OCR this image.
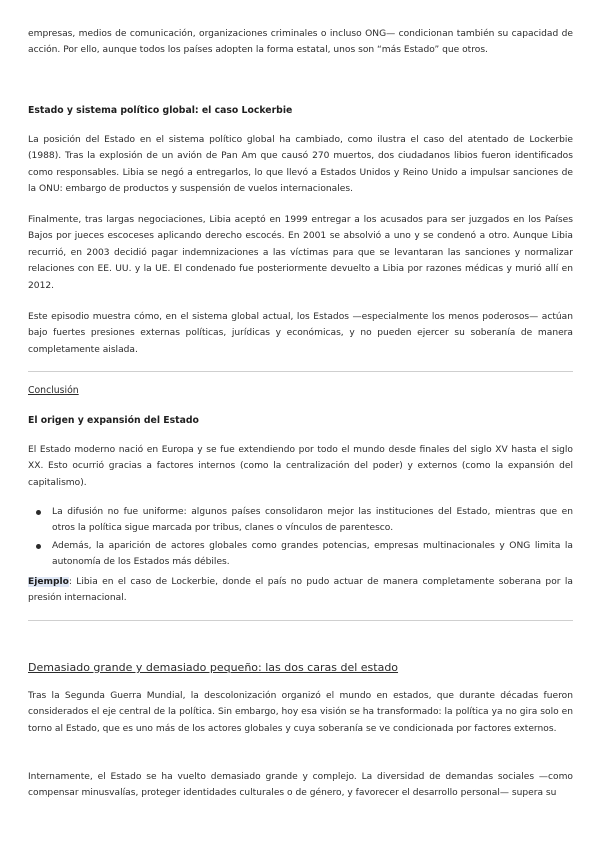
empresas, medios de comunicación, organizaciones criminales o incluso ONG— condicionan también su capacidad de acción. Por ello, aunque todos los países adopten la forma estatal, unos son “más Estado” que otros.

Estado y sistema político global: el caso Lockerbie

La posición del Estado en el sistema político global ha cambiado, como ilustra el caso del atentado de Lockerbie (1988). Tras la explosión de un avión de Pan Am que causó 270 muertos, dos ciudadanos libios fueron identificados como responsables. Libia se negó a entregarlos, lo que llevó a Estados Unidos y Reino Unido a impulsar sanciones de la ONU: embargo de productos y suspensión de vuelos internacionales.

Finalmente, tras largas negociaciones, Libia aceptó en 1999 entregar a los acusados para ser juzgados en los Países Bajos por jueces escoceses aplicando derecho escocés. En 2001 se absolvió a uno y se condenó a otro. Aunque Libia recurrió, en 2003 decidió pagar indemnizaciones a las víctimas para que se levantaran las sanciones y normalizar relaciones con EE. UU. y la UE. El condenado fue posteriormente devuelto a Libia por razones médicas y murió allí en 2012.

Este episodio muestra cómo, en el sistema global actual, los Estados —especialmente los menos poderosos— actúan bajo fuertes presiones externas políticas, jurídicas y económicas, y no pueden ejercer su soberanía de manera completamente aislada.

Conclusión
El origen y expansión del Estado

El Estado moderno nació en Europa y se fue extendiendo por todo el mundo desde finales del siglo XV hasta el siglo XX. Esto ocurrió gracias a factores internos (como la centralización del poder) y externos (como la expansión del capitalismo).

La difusión no fue uniforme: algunos países consolidaron mejor las instituciones del Estado, mientras que en otros la política sigue marcada por tribus, clanes o vínculos de parentesco.
Además, la aparición de actores globales como grandes potencias, empresas multinacionales y ONG limita la autonomía de los Estados más débiles.

Ejemplo: Libia en el caso de Lockerbie, donde el país no pudo actuar de manera completamente soberana por la presión internacional.

Demasiado grande y demasiado pequeño: las dos caras del estado

Tras la Segunda Guerra Mundial, la descolonización organizó el mundo en estados, que durante décadas fueron considerados el eje central de la política. Sin embargo, hoy esa visión se ha transformado: la política ya no gira solo en torno al Estado, que es uno más de los actores globales y cuya soberanía se ve condicionada por factores externos.

Internamente, el Estado se ha vuelto demasiado grande y complejo. La diversidad de demandas sociales —como compensar minusvalías, proteger identidades culturales o de género, y favorecer el desarrollo personal— supera su
